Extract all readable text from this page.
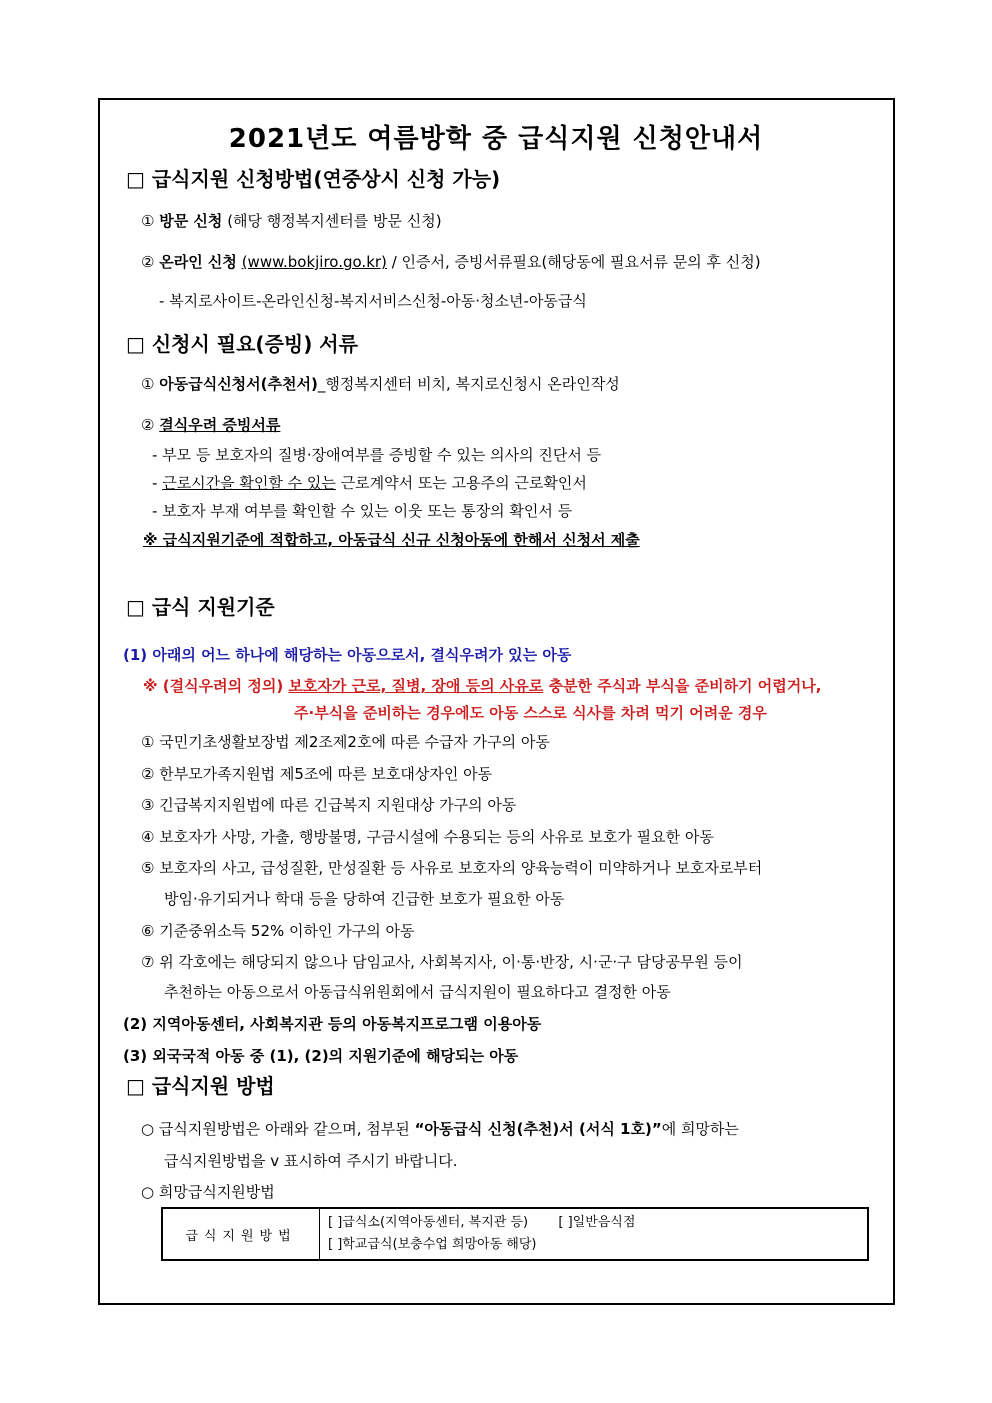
2021년도 여름방학 중 급식지원 신청안내서
□ 급식지원 신청방법(연중상시 신청 가능)
① 방문 신청 (해당 행정복지센터를 방문 신청)
② 온라인 신청 (www.bokjiro.go.kr) / 인증서, 증빙서류필요(해당동에 필요서류 문의 후 신청)
- 복지로사이트-온라인신청-복지서비스신청-아동·청소년-아동급식
□ 신청시 필요(증빙) 서류
① 아동급식신청서(추천서)_행정복지센터 비치, 복지로신청시 온라인작성
② 결식우려 증빙서류
- 부모 등 보호자의 질병·장애여부를 증빙할 수 있는 의사의 진단서 등
- 근로시간을 확인할 수 있는 근로계약서 또는 고용주의 근로확인서
- 보호자 부재 여부를 확인할 수 있는 이웃 또는 통장의 확인서 등
※ 급식지원기준에 적합하고, 아동급식 신규 신청아동에 한해서 신청서 제출
□ 급식 지원기준
(1) 아래의 어느 하나에 해당하는 아동으로서, 결식우려가 있는 아동
※ (결식우려의 정의) 보호자가 근로, 질병, 장애 등의 사유로 충분한 주식과 부식을 준비하기 어렵거나,
주·부식을 준비하는 경우에도 아동 스스로 식사를 차려 먹기 어려운 경우
① 국민기초생활보장법 제2조제2호에 따른 수급자 가구의 아동
② 한부모가족지원법 제5조에 따른 보호대상자인 아동
③ 긴급복지지원법에 따른 긴급복지 지원대상 가구의 아동
④ 보호자가 사망, 가출, 행방불명, 구금시설에 수용되는 등의 사유로 보호가 필요한 아동
⑤ 보호자의 사고, 급성질환, 만성질환 등 사유로 보호자의 양육능력이 미약하거나 보호자로부터
방임·유기되거나 학대 등을 당하여 긴급한 보호가 필요한 아동
⑥ 기준중위소득 52% 이하인 가구의 아동
⑦ 위 각호에는 해당되지 않으나 담임교사, 사회복지사, 이·통·반장, 시·군·구 담당공무원 등이
추천하는 아동으로서 아동급식위원회에서 급식지원이 필요하다고 결정한 아동
(2) 지역아동센터, 사회복지관 등의 아동복지프로그램 이용아동
(3) 외국국적 아동 중 (1), (2)의 지원기준에 해당되는 아동
□ 급식지원 방법
○ 급식지원방법은 아래와 같으며, 첨부된 “아동급식 신청(추천)서 (서식 1호)”에 희망하는
급식지원방법을 v 표시하여 주시기 바랍니다.
○ 희망급식지원방법
급식지원방법	
[ ]급식소(지역아동센터, 복지관 등) [ ]일반음식점
[ ]학교급식(보충수업 희망아동 해당)
